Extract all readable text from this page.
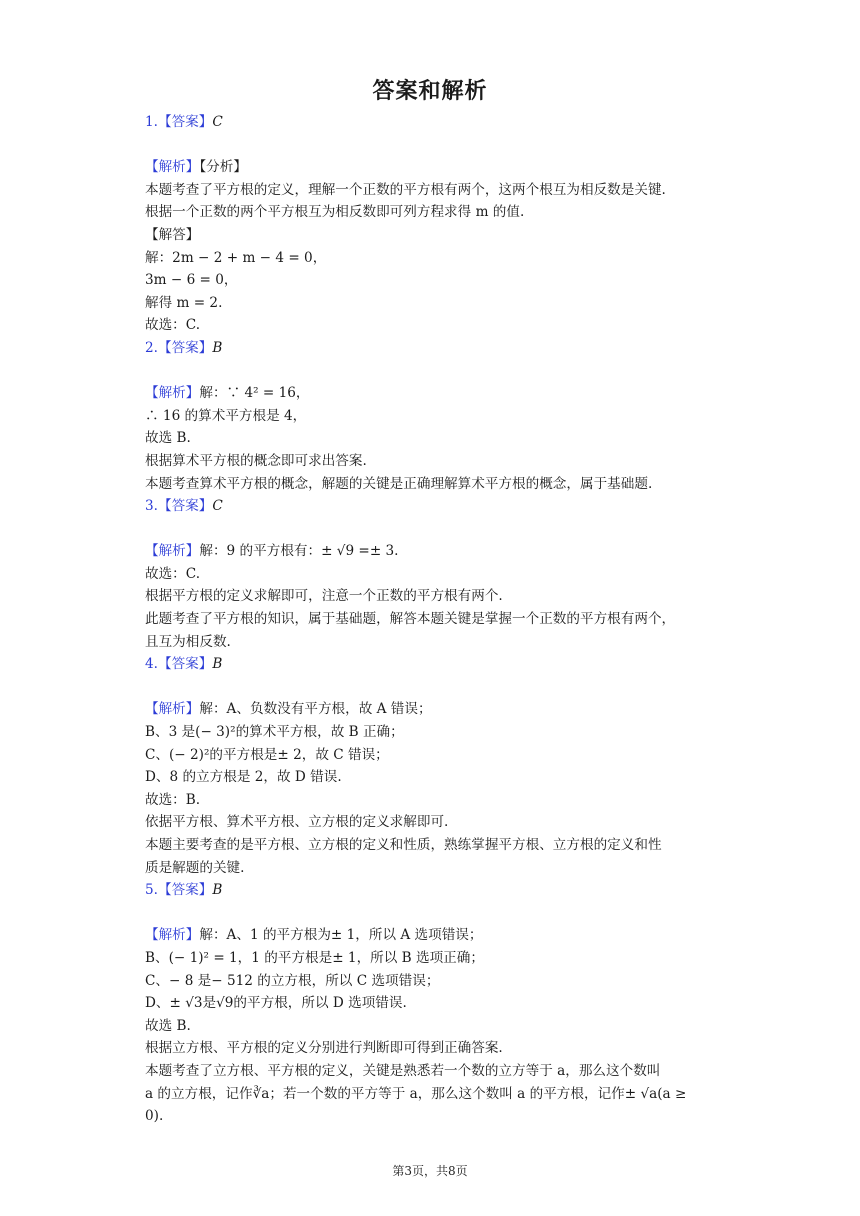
答案和解析
1.【答案】C
【解析】【分析】
本题考查了平方根的定义，理解一个正数的平方根有两个，这两个根互为相反数是关键.
根据一个正数的两个平方根互为相反数即可列方程求得 m 的值.
【解答】
解：2m − 2 + m − 4 = 0，
3m − 6 = 0，
解得 m = 2.
故选：C.
2.【答案】B
【解析】解：∵ 4² = 16，
∴ 16 的算术平方根是 4，
故选 B.
根据算术平方根的概念即可求出答案.
本题考查算术平方根的概念，解题的关键是正确理解算术平方根的概念，属于基础题.
3.【答案】C
【解析】解：9 的平方根有：± √9 =± 3.
故选：C.
根据平方根的定义求解即可，注意一个正数的平方根有两个.
此题考查了平方根的知识，属于基础题，解答本题关键是掌握一个正数的平方根有两个，
且互为相反数.
4.【答案】B
【解析】解：A、负数没有平方根，故 A 错误；
B、3 是(− 3)²的算术平方根，故 B 正确；
C、(− 2)²的平方根是± 2，故 C 错误；
D、8 的立方根是 2，故 D 错误.
故选：B.
依据平方根、算术平方根、立方根的定义求解即可.
本题主要考查的是平方根、立方根的定义和性质，熟练掌握平方根、立方根的定义和性
质是解题的关键.
5.【答案】B
【解析】解：A、1 的平方根为± 1，所以 A 选项错误；
B、(− 1)² = 1，1 的平方根是± 1，所以 B 选项正确；
C、− 8 是− 512 的立方根，所以 C 选项错误；
D、± √3是√9的平方根，所以 D 选项错误.
故选 B.
根据立方根、平方根的定义分别进行判断即可得到正确答案.
本题考查了立方根、平方根的定义，关键是熟悉若一个数的立方等于 a，那么这个数叫
a 的立方根，记作∛a；若一个数的平方等于 a，那么这个数叫 a 的平方根，记作± √a(a ≥
0).
第3页，共8页
